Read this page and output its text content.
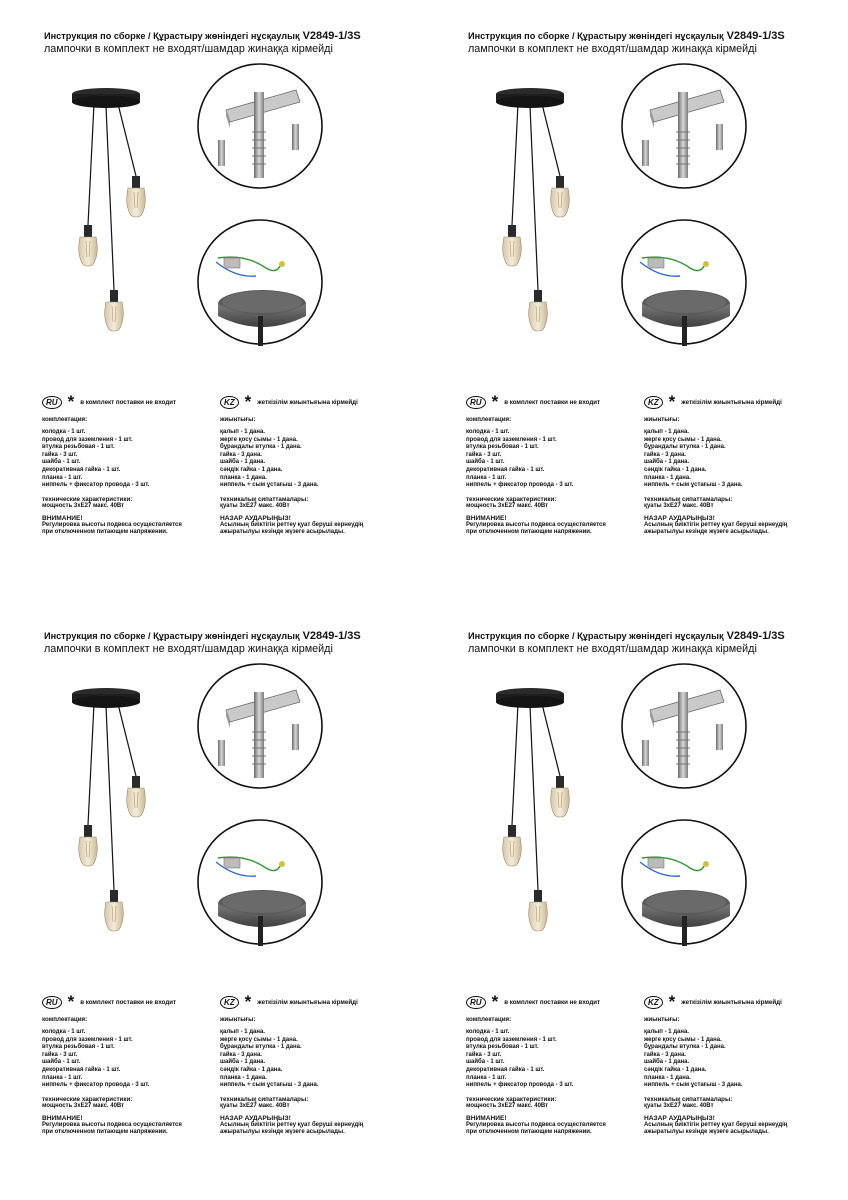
Инструкция по сборке / Құрастыру жөніндегі нұсқаулық V2849-1/3S
лампочки в комплект не входят/шамдар жинаққа кірмейді
RU * в комплект поставки не входит
комплектация:
колодка - 1 шт.
провод для заземления - 1 шт.
втулка резьбовая - 1 шт.
гайка - 3 шт.
шайба - 1 шт.
декоративная гайка - 1 шт.
планка - 1 шт.
ниппель + фиксатор провода - 3 шт.
технические характеристики:
мощность 3хЕ27 макс. 40Вт
ВНИМАНИЕ!
Регулировка высоты подвеса осуществляется
при отключенном питающем напряжении.
KZ * жеткізілім жиынтығына кірмейді
жиынтығы:
қалып - 1 дана.
жерге қосу сымы - 1 дана.
бұрандалы втулка - 1 дана.
гайка - 3 дана.
шайба - 1 дана.
сәндік гайка - 1 дана.
планка - 1 дана.
ниппель + сым ұстағыш - 3 дана.
техникалық сипаттамалары:
қуаты 3хЕ27 макс. 40Вт
НАЗАР АУДАРЫҢЫЗ!
Асылның биіктігін реттеу қуат беруші кернеудің
ажыратылуы кезінде жүзеге асырылады.
Инструкция по сборке / Құрастыру жөніндегі нұсқаулық V2849-1/3S
лампочки в комплект не входят/шамдар жинаққа кірмейді
RU * в комплект поставки не входит
комплектация:
колодка - 1 шт.
провод для заземления - 1 шт.
втулка резьбовая - 1 шт.
гайка - 3 шт.
шайба - 1 шт.
декоративная гайка - 1 шт.
планка - 1 шт.
ниппель + фиксатор провода - 3 шт.
технические характеристики:
мощность 3хЕ27 макс. 40Вт
ВНИМАНИЕ!
Регулировка высоты подвеса осуществляется
при отключенном питающем напряжении.
KZ * жеткізілім жиынтығына кірмейді
жиынтығы:
қалып - 1 дана.
жерге қосу сымы - 1 дана.
бұрандалы втулка - 1 дана.
гайка - 3 дана.
шайба - 1 дана.
сәндік гайка - 1 дана.
планка - 1 дана.
ниппель + сым ұстағыш - 3 дана.
техникалық сипаттамалары:
қуаты 3хЕ27 макс. 40Вт
НАЗАР АУДАРЫҢЫЗ!
Асылның биіктігін реттеу қуат беруші кернеудің
ажыратылуы кезінде жүзеге асырылады.
Инструкция по сборке / Құрастыру жөніндегі нұсқаулық V2849-1/3S
лампочки в комплект не входят/шамдар жинаққа кірмейді
RU * в комплект поставки не входит
комплектация:
колодка - 1 шт.
провод для заземления - 1 шт.
втулка резьбовая - 1 шт.
гайка - 3 шт.
шайба - 1 шт.
декоративная гайка - 1 шт.
планка - 1 шт.
ниппель + фиксатор провода - 3 шт.
технические характеристики:
мощность 3хЕ27 макс. 40Вт
ВНИМАНИЕ!
Регулировка высоты подвеса осуществляется
при отключенном питающем напряжении.
KZ * жеткізілім жиынтығына кірмейді
жиынтығы:
қалып - 1 дана.
жерге қосу сымы - 1 дана.
бұрандалы втулка - 1 дана.
гайка - 3 дана.
шайба - 1 дана.
сәндік гайка - 1 дана.
планка - 1 дана.
ниппель + сым ұстағыш - 3 дана.
техникалық сипаттамалары:
қуаты 3хЕ27 макс. 40Вт
НАЗАР АУДАРЫҢЫЗ!
Асылның биіктігін реттеу қуат беруші кернеудің
ажыратылуы кезінде жүзеге асырылады.
Инструкция по сборке / Құрастыру жөніндегі нұсқаулық V2849-1/3S
лампочки в комплект не входят/шамдар жинаққа кірмейді
RU * в комплект поставки не входит
комплектация:
колодка - 1 шт.
провод для заземления - 1 шт.
втулка резьбовая - 1 шт.
гайка - 3 шт.
шайба - 1 шт.
декоративная гайка - 1 шт.
планка - 1 шт.
ниппель + фиксатор провода - 3 шт.
технические характеристики:
мощность 3хЕ27 макс. 40Вт
ВНИМАНИЕ!
Регулировка высоты подвеса осуществляется
при отключенном питающем напряжении.
KZ * жеткізілім жиынтығына кірмейді
жиынтығы:
қалып - 1 дана.
жерге қосу сымы - 1 дана.
бұрандалы втулка - 1 дана.
гайка - 3 дана.
шайба - 1 дана.
сәндік гайка - 1 дана.
планка - 1 дана.
ниппель + сым ұстағыш - 3 дана.
техникалық сипаттамалары:
қуаты 3хЕ27 макс. 40Вт
НАЗАР АУДАРЫҢЫЗ!
Асылның биіктігін реттеу қуат беруші кернеудің
ажыратылуы кезінде жүзеге асырылады.
